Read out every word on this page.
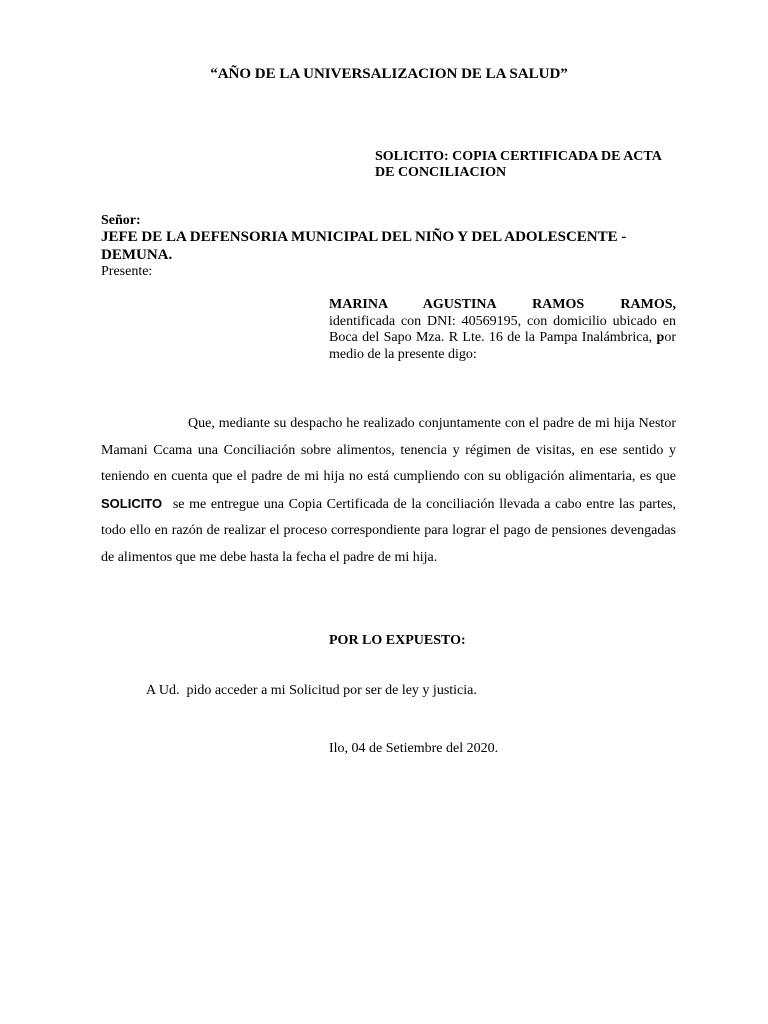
“AÑO DE LA UNIVERSALIZACION DE LA SALUD”
SOLICITO: COPIA CERTIFICADA DE ACTA
DE CONCILIACION
Señor:
JEFE DE LA DEFENSORIA MUNICIPAL DEL NIÑO Y DEL ADOLESCENTE -
DEMUNA.
Presente:
MARINA AGUSTINA RAMOS RAMOS,
identificada con DNI: 40569195, con domicilio ubicado en Boca del Sapo Mza. R Lte. 16 de la Pampa Inalámbrica, por medio de la presente digo:
Que, mediante su despacho he realizado conjuntamente con el padre de mi hija Nestor Mamani Ccama una Conciliación sobre alimentos, tenencia y régimen de visitas, en ese sentido y teniendo en cuenta que el padre de mi hija no está cumpliendo con su obligación alimentaria, es que SOLICITO se me entregue una Copia Certificada de la conciliación llevada a cabo entre las partes, todo ello en razón de realizar el proceso correspondiente para lograr el pago de pensiones devengadas de alimentos que me debe hasta la fecha el padre de mi hija.
POR LO EXPUESTO:
A Ud.  pido acceder a mi Solicitud por ser de ley y justicia.
Ilo, 04 de Setiembre del 2020.
